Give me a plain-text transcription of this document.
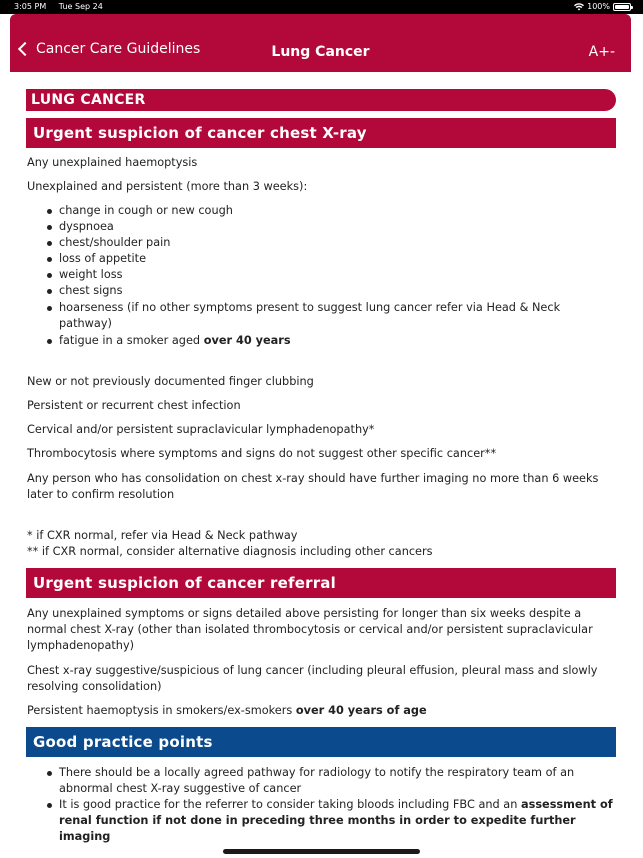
3:05 PM Tue Sep 24	100%
Cancer Care Guidelines	Lung Cancer	A+-
LUNG CANCER
Urgent suspicion of cancer chest X-ray
Any unexplained haemoptysis
Unexplained and persistent (more than 3 weeks):
change in cough or new cough
dyspnoea
chest/shoulder pain
loss of appetite
weight loss
chest signs
hoarseness (if no other symptoms present to suggest lung cancer refer via Head & Neck pathway)
fatigue in a smoker aged over 40 years
New or not previously documented finger clubbing
Persistent or recurrent chest infection
Cervical and/or persistent supraclavicular lymphadenopathy*
Thrombocytosis where symptoms and signs do not suggest other specific cancer**
Any person who has consolidation on chest x-ray should have further imaging no more than 6 weeks later to confirm resolution
* if CXR normal, refer via Head & Neck pathway
** if CXR normal, consider alternative diagnosis including other cancers
Urgent suspicion of cancer referral
Any unexplained symptoms or signs detailed above persisting for longer than six weeks despite a normal chest X-ray (other than isolated thrombocytosis or cervical and/or persistent supraclavicular lymphadenopathy)
Chest x-ray suggestive/suspicious of lung cancer (including pleural effusion, pleural mass and slowly resolving consolidation)
Persistent haemoptysis in smokers/ex-smokers over 40 years of age
Good practice points
There should be a locally agreed pathway for radiology to notify the respiratory team of an abnormal chest X-ray suggestive of cancer
It is good practice for the referrer to consider taking bloods including FBC and an assessment of renal function if not done in preceding three months in order to expedite further imaging
